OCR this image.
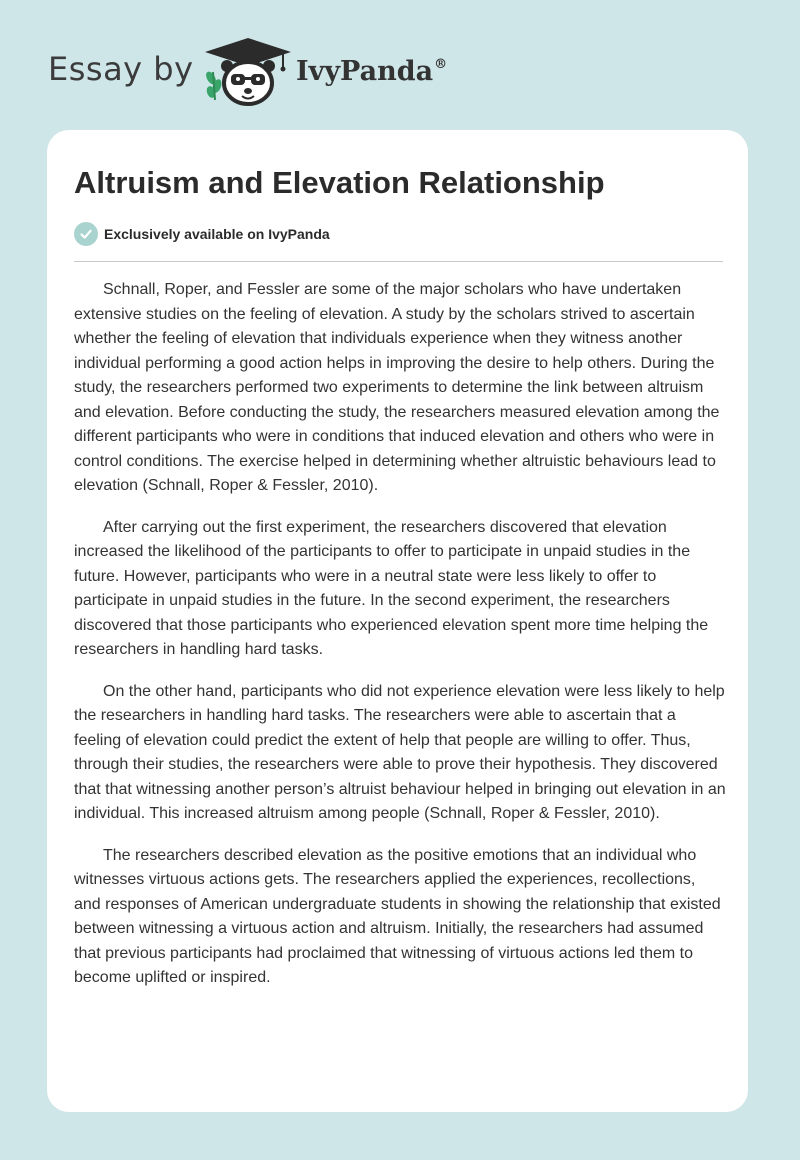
Essay by	IvyPanda®
Altruism and Elevation Relationship
Exclusively available on IvyPanda

Schnall, Roper, and Fessler are some of the major scholars who have undertaken extensive studies on the feeling of elevation. A study by the scholars strived to ascertain whether the feeling of elevation that individuals experience when they witness another individual performing a good action helps in improving the desire to help others. During the study, the researchers performed two experiments to determine the link between altruism and elevation. Before conducting the study, the researchers measured elevation among the different participants who were in conditions that induced elevation and others who were in control conditions. The exercise helped in determining whether altruistic behaviours lead to elevation (Schnall, Roper & Fessler, 2010).

After carrying out the first experiment, the researchers discovered that elevation increased the likelihood of the participants to offer to participate in unpaid studies in the future. However, participants who were in a neutral state were less likely to offer to participate in unpaid studies in the future. In the second experiment, the researchers discovered that those participants who experienced elevation spent more time helping the researchers in handling hard tasks.

On the other hand, participants who did not experience elevation were less likely to help the researchers in handling hard tasks. The researchers were able to ascertain that a feeling of elevation could predict the extent of help that people are willing to offer. Thus, through their studies, the researchers were able to prove their hypothesis. They discovered that that witnessing another person’s altruist behaviour helped in bringing out elevation in an individual. This increased altruism among people (Schnall, Roper & Fessler, 2010).

The researchers described elevation as the positive emotions that an individual who witnesses virtuous actions gets. The researchers applied the experiences, recollections, and responses of American undergraduate students in showing the relationship that existed between witnessing a virtuous action and altruism. Initially, the researchers had assumed that previous participants had proclaimed that witnessing of virtuous actions led them to become uplifted or inspired.
